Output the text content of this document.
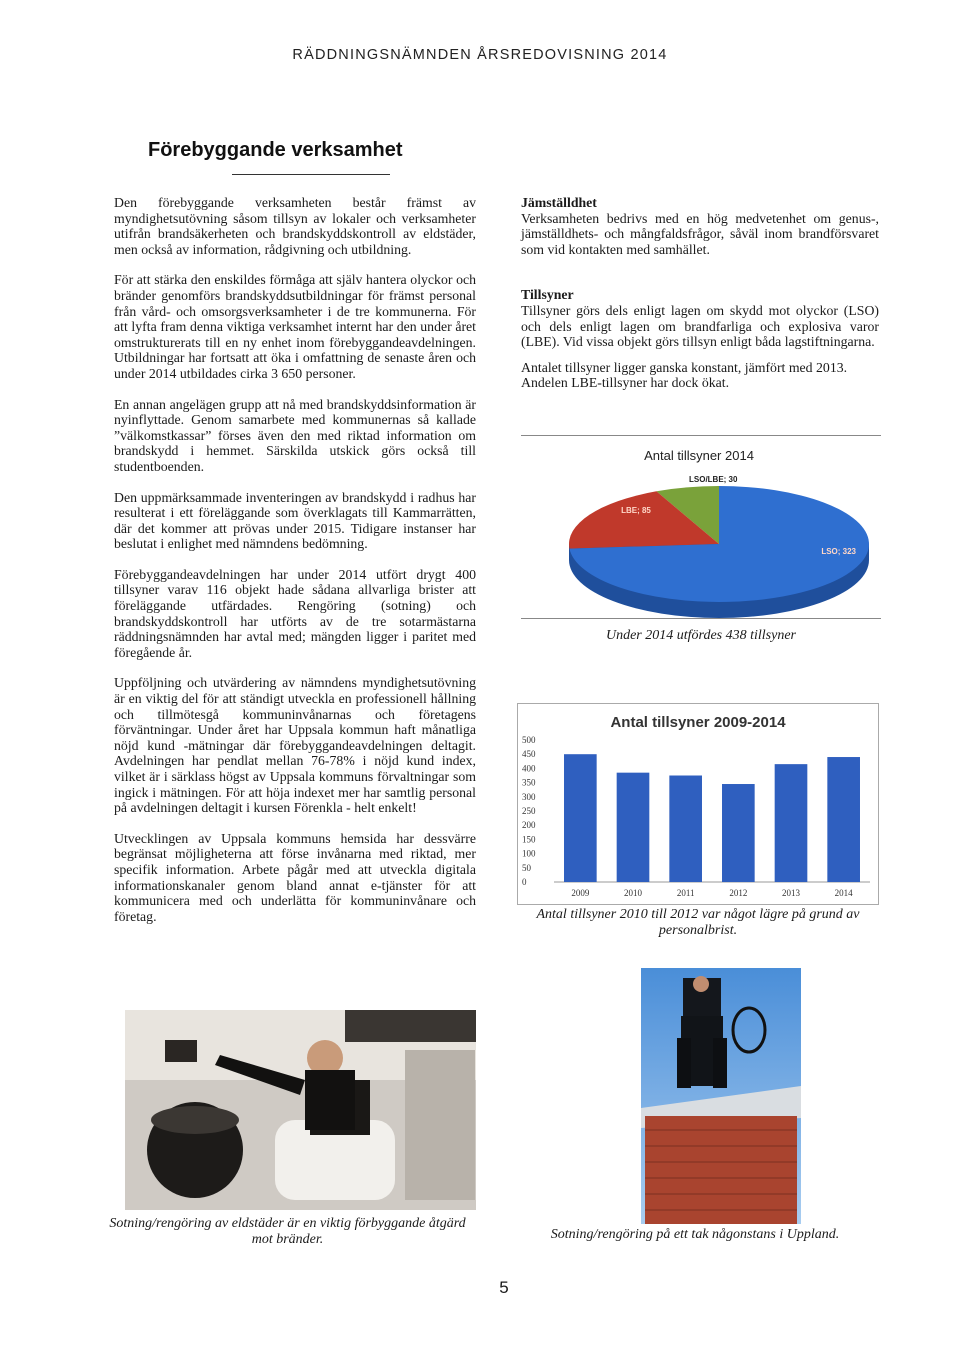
RÄDDNINGSNÄMNDEN ÅRSREDOVISNING 2014
Förebyggande verksamhet

Den förebyggande verksamheten består främst av myndighetsutövning såsom tillsyn av lokaler och verksamheter utifrån brandsäkerheten och brandskyddskontroll av eldstäder, men också av information, rådgivning och utbildning.

För att stärka den enskildes förmåga att själv hantera olyckor och bränder genomförs brandskyddsutbildningar för främst personal från vård- och omsorgsverksamheter i de tre kommunerna. För att lyfta fram denna viktiga verksamhet internt har den under året omstrukturerats till en ny enhet inom förebyggandeavdelningen. Utbildningar har fortsatt att öka i omfattning de senaste åren och under 2014 utbildades cirka 3 650 personer.

En annan angelägen grupp att nå med brandskyddsinformation är nyinflyttade. Genom samarbete med kommunernas så kallade ”välkomstkassar” förses även den med riktad information om brandskydd i hemmet. Särskilda utskick görs också till studentboenden.

Den uppmärksammade inventeringen av brandskydd i radhus har resulterat i ett föreläggande som överklagats till Kammarrätten, där det kommer att prövas under 2015. Tidigare instanser har beslutat i enlighet med nämndens bedömning.

Förebyggandeavdelningen har under 2014 utfört drygt 400 tillsyner varav 116 objekt hade sådana allvarliga brister att föreläggande utfärdades. Rengöring (sotning) och brandskyddskontroll har utförts av de tre sotarmästarna räddningsnämnden har avtal med; mängden ligger i paritet med föregående år.

Uppföljning och utvärdering av nämndens myndighetsutövning är en viktig del för att ständigt utveckla en professionell hållning och tillmötesgå kommuninvånarnas och företagens förväntningar. Under året har Uppsala kommun haft månatliga nöjd kund -mätningar där förebyggandeavdelningen deltagit. Avdelningen har pendlat mellan 76-78% i nöjd kund index, vilket är i särklass högst av Uppsala kommuns förvaltningar som ingick i mätningen. För att höja indexet mer har samtlig personal på avdelningen deltagit i kursen Förenkla - helt enkelt!

Utvecklingen av Uppsala kommuns hemsida har dessvärre begränsat möjligheterna att förse invånarna med riktad, mer specifik information. Arbete pågår med att utveckla digitala informationskanaler genom bland annat e-tjänster för att kommunicera med och underlätta för kommuninvånare och företag.

Jämställdhet

Verksamheten bedrivs med en hög medvetenhet om genus-, jämställdhets- och mångfaldsfrågor, såväl inom brandförsvaret som vid kontakten med samhället.

Tillsyner

Tillsyner görs dels enligt lagen om skydd mot olyckor (LSO) och dels enligt lagen om brandfarliga och explosiva varor (LBE). Vid vissa objekt görs tillsyn enligt båda lagstiftningarna.

Antalet tillsyner ligger ganska konstant, jämfört med 2013. Andelen LBE-tillsyner har dock ökat.

Antal tillsyner 2014
LSO; 323
LBE; 85
LSO/LBE; 30
Under 2014 utfördes 438 tillsyner
Antal tillsyner 2009-2014
0
50
100
150
200
250
300
350
400
450
500
2009	2010	2011	2012	2013	2014
Antal tillsyner 2010 till 2012 var något lägre på grund av personalbrist.
Sotning/rengöring av eldstäder är en viktig förbyggande åtgärd mot bränder.	Sotning/rengöring på ett tak någonstans i Uppland.
5
